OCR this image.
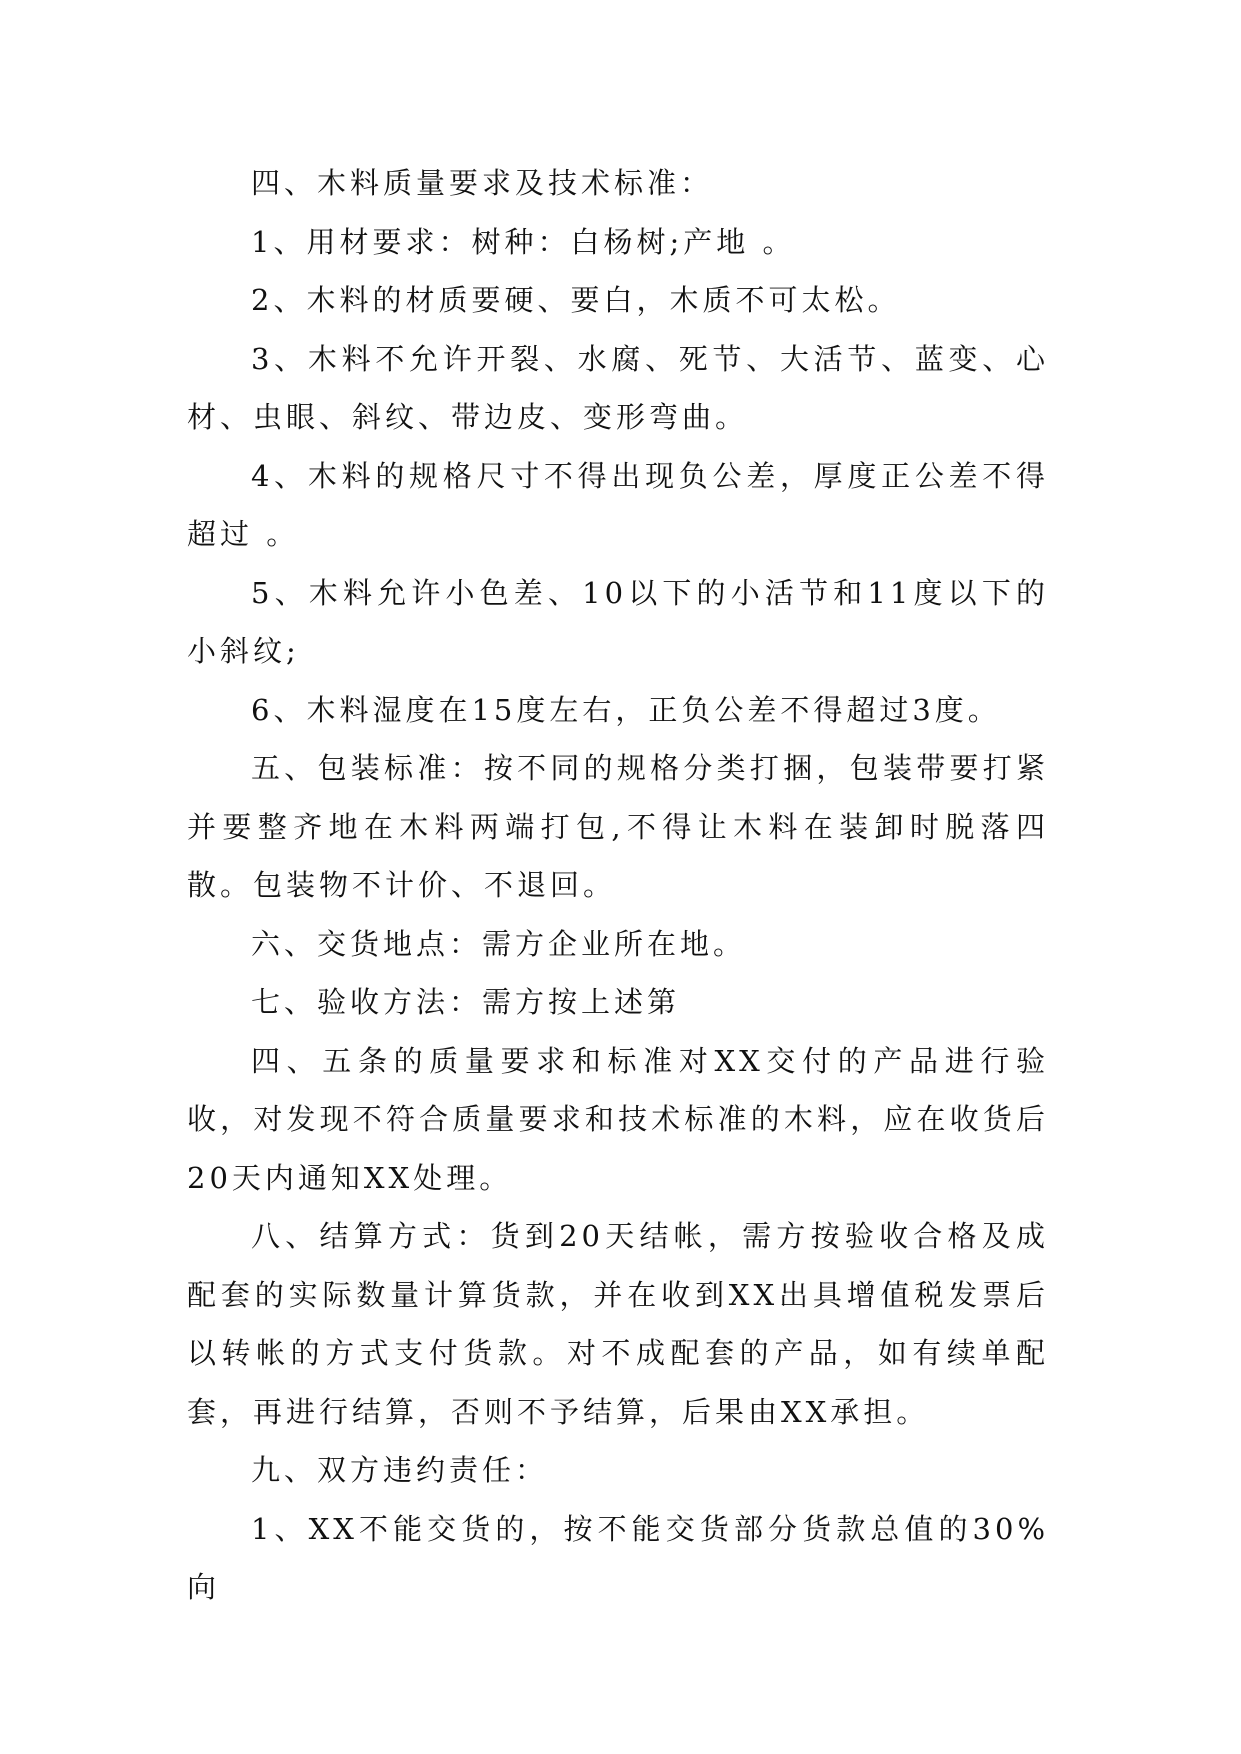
四、木料质量要求及技术标准：

1、用材要求：树种：白杨树;产地 。

2、木料的材质要硬、要白，木质不可太松。

3、木料不允许开裂、水腐、死节、大活节、蓝变、心材、虫眼、斜纹、带边皮、变形弯曲。

4、木料的规格尺寸不得出现负公差，厚度正公差不得超过 。

5、木料允许小色差、10以下的小活节和11度以下的小斜纹;

6、木料湿度在15度左右，正负公差不得超过3度。

五、包装标准：按不同的规格分类打捆，包装带要打紧并要整齐地在木料两端打包,不得让木料在装卸时脱落四散。包装物不计价、不退回。

六、交货地点：需方企业所在地。

七、验收方法：需方按上述第

四、五条的质量要求和标准对XX交付的产品进行验收，对发现不符合质量要求和技术标准的木料，应在收货后20天内通知XX处理。

八、结算方式：货到20天结帐，需方按验收合格及成配套的实际数量计算货款，并在收到XX出具增值税发票后以转帐的方式支付货款。对不成配套的产品，如有续单配套，再进行结算，否则不予结算，后果由XX承担。

九、双方违约责任：

1、XX不能交货的，按不能交货部分货款总值的30%向
